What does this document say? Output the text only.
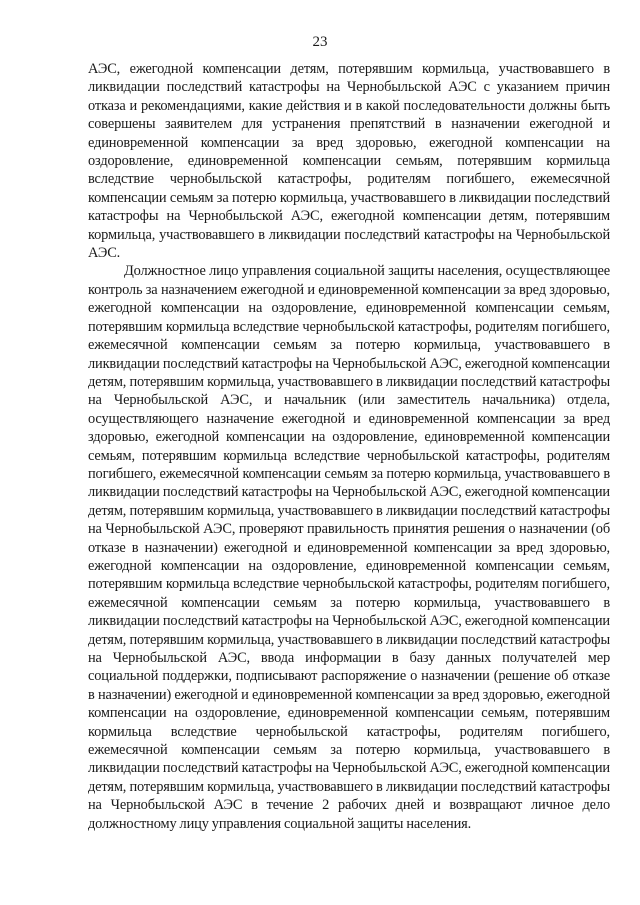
23

АЭС, ежегодной компенсации детям, потерявшим кормильца, участвовавшего в ликвидации последствий катастрофы на Чернобыльской АЭС с указанием причин отказа и рекомендациями, какие действия и в какой последовательности должны быть совершены заявителем для устранения препятствий в назначении ежегодной и единовременной компенсации за вред здоровью, ежегодной компенсации на оздоровление, единовременной компенсации семьям, потерявшим кормильца вследствие чернобыльской катастрофы, родителям погибшего, ежемесячной компенсации семьям за потерю кормильца, участвовавшего в ликвидации последствий катастрофы на Чернобыльской АЭС, ежегодной компенсации детям, потерявшим кормильца, участвовавшего в ликвидации последствий катастрофы на Чернобыльской АЭС.

Должностное лицо управления социальной защиты населения, осуществляющее контроль за назначением ежегодной и единовременной компенсации за вред здоровью, ежегодной компенсации на оздоровление, единовременной компенсации семьям, потерявшим кормильца вследствие чернобыльской катастрофы, родителям погибшего, ежемесячной компенсации семьям за потерю кормильца, участвовавшего в ликвидации последствий катастрофы на Чернобыльской АЭС, ежегодной компенсации детям, потерявшим кормильца, участвовавшего в ликвидации последствий катастрофы на Чернобыльской АЭС, и начальник (или заместитель начальника) отдела, осуществляющего назначение ежегодной и единовременной компенсации за вред здоровью, ежегодной компенсации на оздоровление, единовременной компенсации семьям, потерявшим кормильца вследствие чернобыльской катастрофы, родителям погибшего, ежемесячной компенсации семьям за потерю кормильца, участвовавшего в ликвидации последствий катастрофы на Чернобыльской АЭС, ежегодной компенсации детям, потерявшим кормильца, участвовавшего в ликвидации последствий катастрофы на Чернобыльской АЭС, проверяют правильность принятия решения о назначении (об отказе в назначении) ежегодной и единовременной компенсации за вред здоровью, ежегодной компенсации на оздоровление, единовременной компенсации семьям, потерявшим кормильца вследствие чернобыльской катастрофы, родителям погибшего, ежемесячной компенсации семьям за потерю кормильца, участвовавшего в ликвидации последствий катастрофы на Чернобыльской АЭС, ежегодной компенсации детям, потерявшим кормильца, участвовавшего в ликвидации последствий катастрофы на Чернобыльской АЭС, ввода информации в базу данных получателей мер социальной поддержки, подписывают распоряжение о назначении (решение об отказе в назначении) ежегодной и единовременной компенсации за вред здоровью, ежегодной компенсации на оздоровление, единовременной компенсации семьям, потерявшим кормильца вследствие чернобыльской катастрофы, родителям погибшего, ежемесячной компенсации семьям за потерю кормильца, участвовавшего в ликвидации последствий катастрофы на Чернобыльской АЭС, ежегодной компенсации детям, потерявшим кормильца, участвовавшего в ликвидации последствий катастрофы на Чернобыльской АЭС в течение 2 рабочих дней и возвращают личное дело должностному лицу управления социальной защиты населения.
